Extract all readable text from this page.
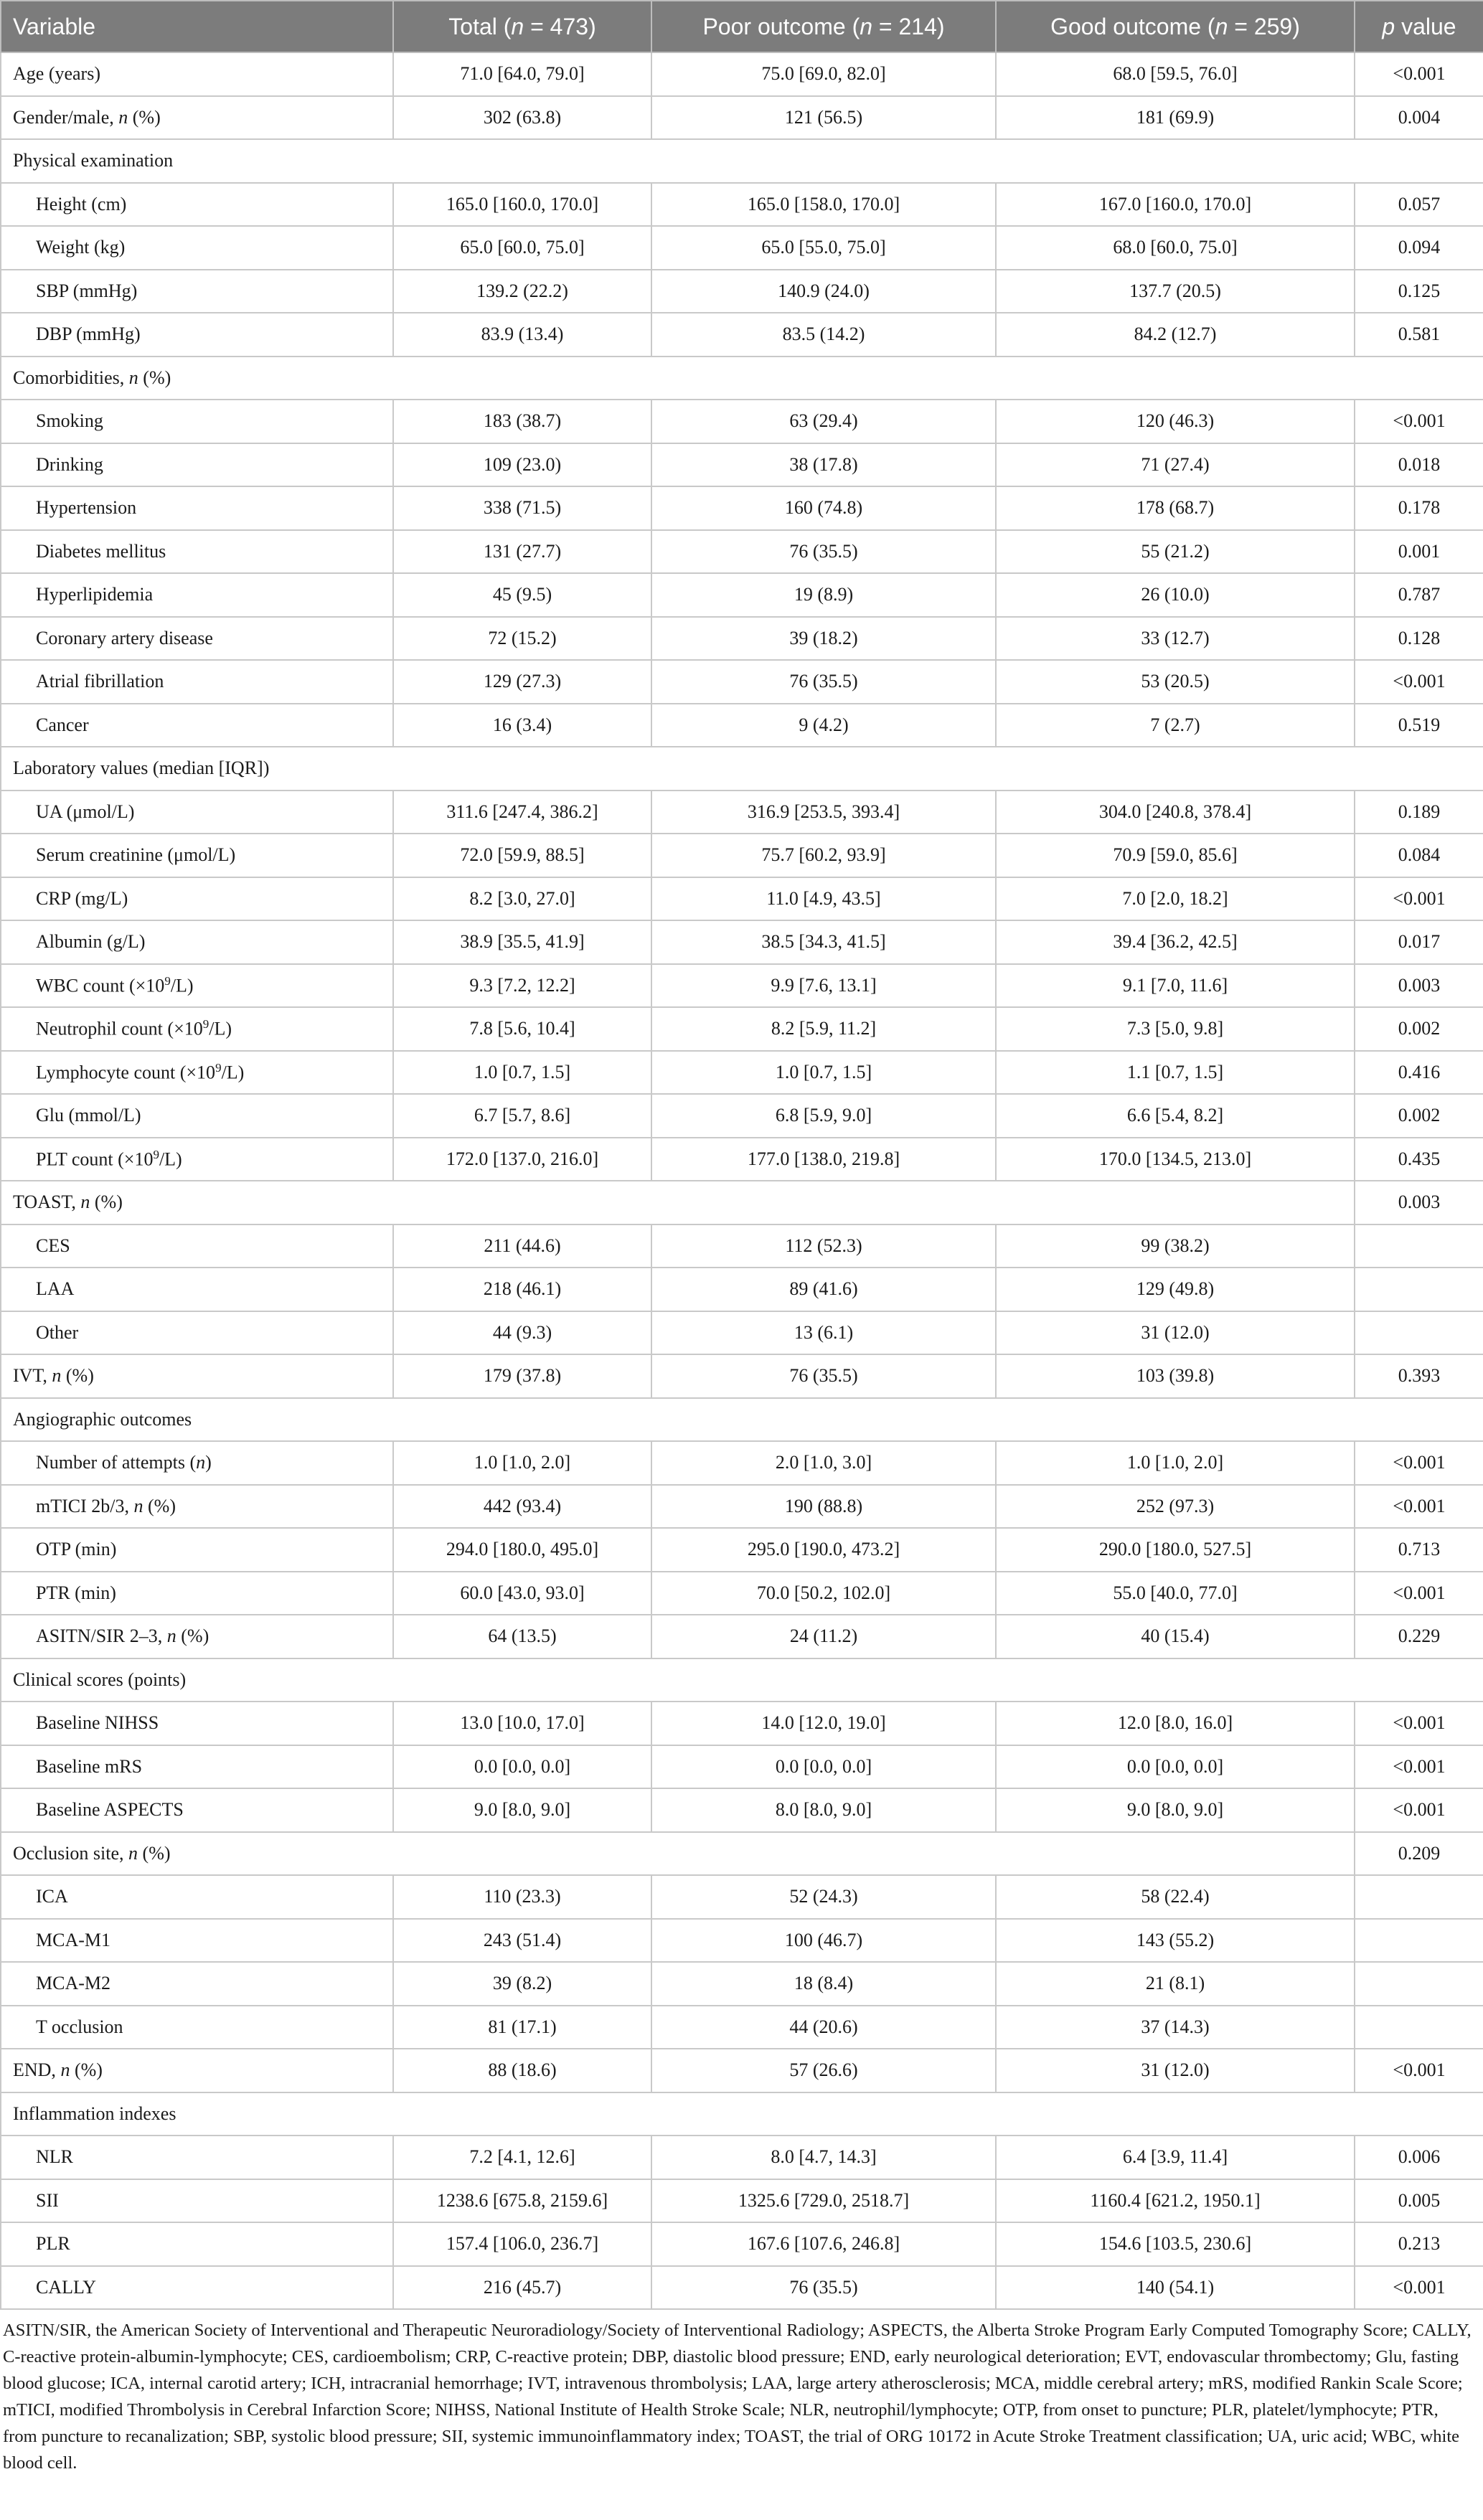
Variable	Total (n = 473)	Poor outcome (n = 214)	Good outcome (n = 259)	p value
Age (years)	71.0 [64.0, 79.0]	75.0 [69.0, 82.0]	68.0 [59.5, 76.0]	<0.001
Gender/male, n (%)	302 (63.8)	121 (56.5)	181 (69.9)	0.004
Physical examination				
Height (cm)	165.0 [160.0, 170.0]	165.0 [158.0, 170.0]	167.0 [160.0, 170.0]	0.057
Weight (kg)	65.0 [60.0, 75.0]	65.0 [55.0, 75.0]	68.0 [60.0, 75.0]	0.094
SBP (mmHg)	139.2 (22.2)	140.9 (24.0)	137.7 (20.5)	0.125
DBP (mmHg)	83.9 (13.4)	83.5 (14.2)	84.2 (12.7)	0.581
Comorbidities, n (%)				
Smoking	183 (38.7)	63 (29.4)	120 (46.3)	<0.001
Drinking	109 (23.0)	38 (17.8)	71 (27.4)	0.018
Hypertension	338 (71.5)	160 (74.8)	178 (68.7)	0.178
Diabetes mellitus	131 (27.7)	76 (35.5)	55 (21.2)	0.001
Hyperlipidemia	45 (9.5)	19 (8.9)	26 (10.0)	0.787
Coronary artery disease	72 (15.2)	39 (18.2)	33 (12.7)	0.128
Atrial fibrillation	129 (27.3)	76 (35.5)	53 (20.5)	<0.001
Cancer	16 (3.4)	9 (4.2)	7 (2.7)	0.519
Laboratory values (median [IQR])				
UA (μmol/L)	311.6 [247.4, 386.2]	316.9 [253.5, 393.4]	304.0 [240.8, 378.4]	0.189
Serum creatinine (μmol/L)	72.0 [59.9, 88.5]	75.7 [60.2, 93.9]	70.9 [59.0, 85.6]	0.084
CRP (mg/L)	8.2 [3.0, 27.0]	11.0 [4.9, 43.5]	7.0 [2.0, 18.2]	<0.001
Albumin (g/L)	38.9 [35.5, 41.9]	38.5 [34.3, 41.5]	39.4 [36.2, 42.5]	0.017
WBC count $(\times 10^9/L)$	9.3 [7.2, 12.2]	9.9 [7.6, 13.1]	9.1 [7.0, 11.6]	0.003
Neutrophil count $(\times 10^9/L)$	7.8 [5.6, 10.4]	8.2 [5.9, 11.2]	7.3 [5.0, 9.8]	0.002
Lymphocyte count $(\times 10^9/L)$	1.0 [0.7, 1.5]	1.0 [0.7, 1.5]	1.1 [0.7, 1.5]	0.416
Glu (mmol/L)	6.7 [5.7, 8.6]	6.8 [5.9, 9.0]	6.6 [5.4, 8.2]	0.002
PLT count $(\times 10^9/L)$	172.0 [137.0, 216.0]	177.0 [138.0, 219.8]	170.0 [134.5, 213.0]	0.435
TOAST, n (%)				0.003
CES	211 (44.6)	112 (52.3)	99 (38.2)	
LAA	218 (46.1)	89 (41.6)	129 (49.8)	
Other	44 (9.3)	13 (6.1)	31 (12.0)	
IVT, n (%)	179 (37.8)	76 (35.5)	103 (39.8)	0.393
Angiographic outcomes				
Number of attempts (n)	1.0 [1.0, 2.0]	2.0 [1.0, 3.0]	1.0 [1.0, 2.0]	<0.001
mTICI 2b/3, n (%)	442 (93.4)	190 (88.8)	252 (97.3)	<0.001
OTP (min)	294.0 [180.0, 495.0]	295.0 [190.0, 473.2]	290.0 [180.0, 527.5]	0.713
PTR (min)	60.0 [43.0, 93.0]	70.0 [50.2, 102.0]	55.0 [40.0, 77.0]	<0.001
ASITN/SIR 2–3, n (%)	64 (13.5)	24 (11.2)	40 (15.4)	0.229
Clinical scores (points)				
Baseline NIHSS	13.0 [10.0, 17.0]	14.0 [12.0, 19.0]	12.0 [8.0, 16.0]	<0.001
Baseline mRS	0.0 [0.0, 0.0]	0.0 [0.0, 0.0]	0.0 [0.0, 0.0]	<0.001
Baseline ASPECTS	9.0 [8.0, 9.0]	8.0 [8.0, 9.0]	9.0 [8.0, 9.0]	<0.001
Occlusion site, n (%)				0.209
ICA	110 (23.3)	52 (24.3)	58 (22.4)	
MCA-M1	243 (51.4)	100 (46.7)	143 (55.2)	
MCA-M2	39 (8.2)	18 (8.4)	21 (8.1)	
T occlusion	81 (17.1)	44 (20.6)	37 (14.3)	
END, n (%)	88 (18.6)	57 (26.6)	31 (12.0)	<0.001
Inflammation indexes				
NLR	7.2 [4.1, 12.6]	8.0 [4.7, 14.3]	6.4 [3.9, 11.4]	0.006
SII	1238.6 [675.8, 2159.6]	1325.6 [729.0, 2518.7]	1160.4 [621.2, 1950.1]	0.005
PLR	157.4 [106.0, 236.7]	167.6 [107.6, 246.8]	154.6 [103.5, 230.6]	0.213
CALLY	216 (45.7)	76 (35.5)	140 (54.1)	<0.001
ASITN/SIR, the American Society of Interventional and Therapeutic Neuroradiology/Society of Interventional Radiology; ASPECTS, the Alberta Stroke Program Early Computed Tomography Score; CALLY, C-reactive protein-albumin-lymphocyte; CES, cardioembolism; CRP, C-reactive protein; DBP, diastolic blood pressure; END, early neurological deterioration; EVT, endovascular thrombectomy; Glu, fasting blood glucose; ICA, internal carotid artery; ICH, intracranial hemorrhage; IVT, intravenous thrombolysis; LAA, large artery atherosclerosis; MCA, middle cerebral artery; mRS, modified Rankin Scale Score; mTICI, modified Thrombolysis in Cerebral Infarction Score; NIHSS, National Institute of Health Stroke Scale; NLR, neutrophil/lymphocyte; OTP, from onset to puncture; PLR, platelet/lymphocyte; PTR, from puncture to recanalization; SBP, systolic blood pressure; SII, systemic immunoinflammatory index; TOAST, the trial of ORG 10172 in Acute Stroke Treatment classification; UA, uric acid; WBC, white blood cell.
